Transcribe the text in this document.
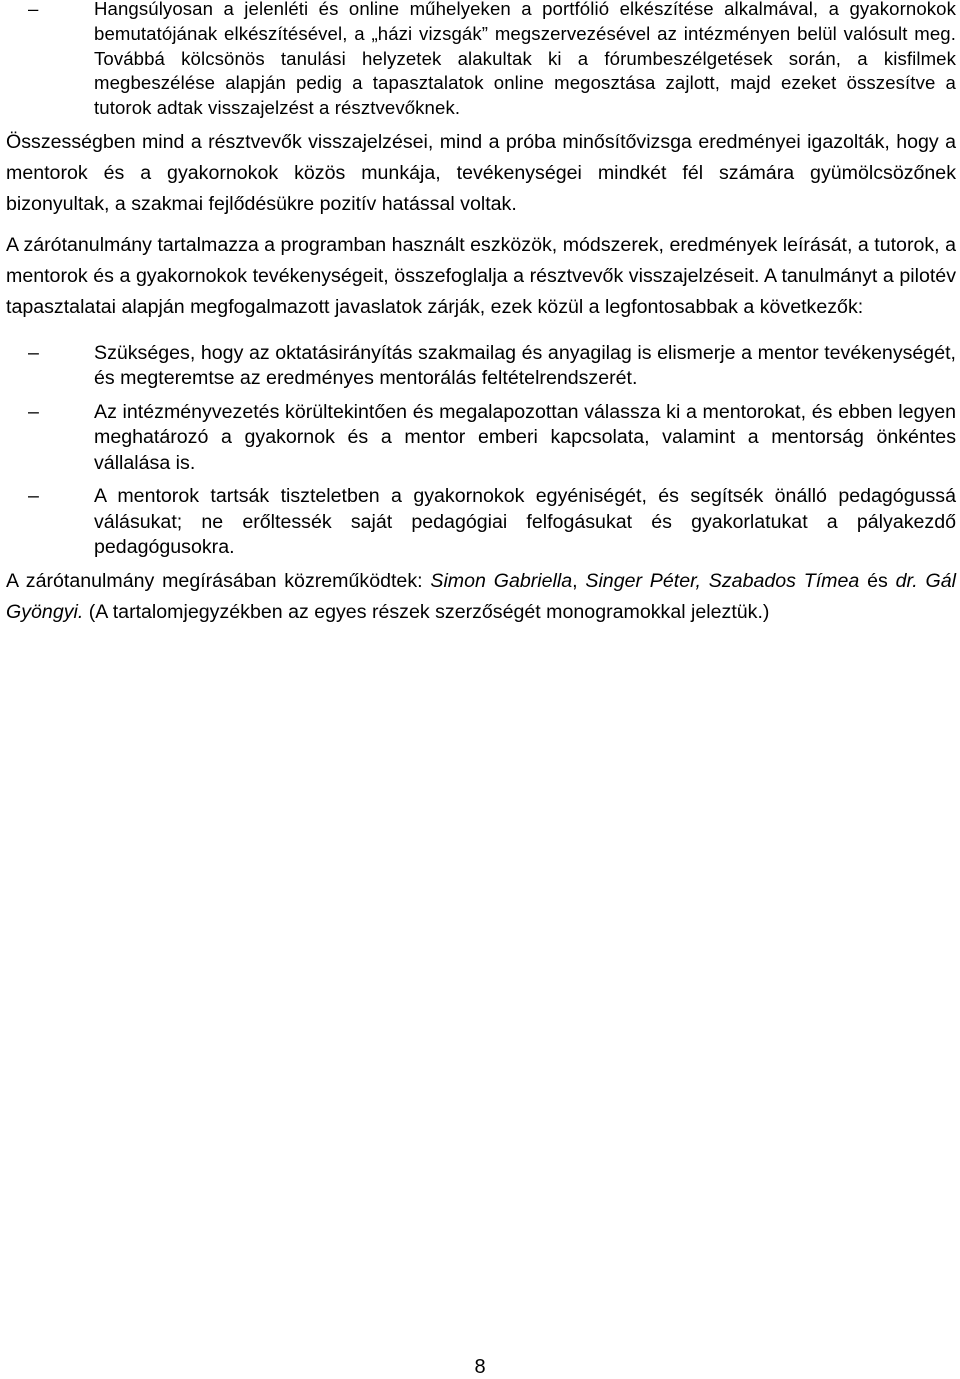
–	Hangsúlyosan a jelenléti és online műhelyeken a portfólió elkészítése alkalmával, a gyakornokok bemutatójának elkészítésével, a „házi vizsgák” megszervezésével az intézményen belül valósult meg. Továbbá kölcsönös tanulási helyzetek alakultak ki a fórumbeszélgetések során, a kisfilmek megbeszélése alapján pedig a tapasztalatok online megosztása zajlott, majd ezeket összesítve a tutorok adtak visszajelzést a résztvevőknek.

Összességben mind a résztvevők visszajelzései, mind a próba minősítővizsga eredményei igazolták, hogy a mentorok és a gyakornokok közös munkája, tevékenységei mindkét fél számára gyümölcsözőnek bizonyultak, a szakmai fejlődésükre pozitív hatással voltak.

A zárótanulmány tartalmazza a programban használt eszközök, módszerek, eredmények leírását, a tutorok, a mentorok és a gyakornokok tevékenységeit, összefoglalja a résztvevők visszajelzéseit. A tanulmányt a pilotév tapasztalatai alapján megfogalmazott javaslatok zárják, ezek közül a legfontosabbak a következők:

–	Szükséges, hogy az oktatásirányítás szakmailag és anyagilag is elismerje a mentor tevékenységét, és megteremtse az eredményes mentorálás feltételrendszerét.
–	Az intézményvezetés körültekintően és megalapozottan válassza ki a mentorokat, és ebben legyen meghatározó a gyakornok és a mentor emberi kapcsolata, valamint a mentorság önkéntes vállalása is.
–	A mentorok tartsák tiszteletben a gyakornokok egyéniségét, és segítsék önálló pedagógussá válásukat; ne erőltessék saját pedagógiai felfogásukat és gyakorlatukat a pályakezdő pedagógusokra.

A zárótanulmány megírásában közreműködtek: Simon Gabriella, Singer Péter, Szabados Tímea és dr. Gál Gyöngyi. (A tartalomjegyzékben az egyes részek szerzőségét monogramokkal jeleztük.)

8
